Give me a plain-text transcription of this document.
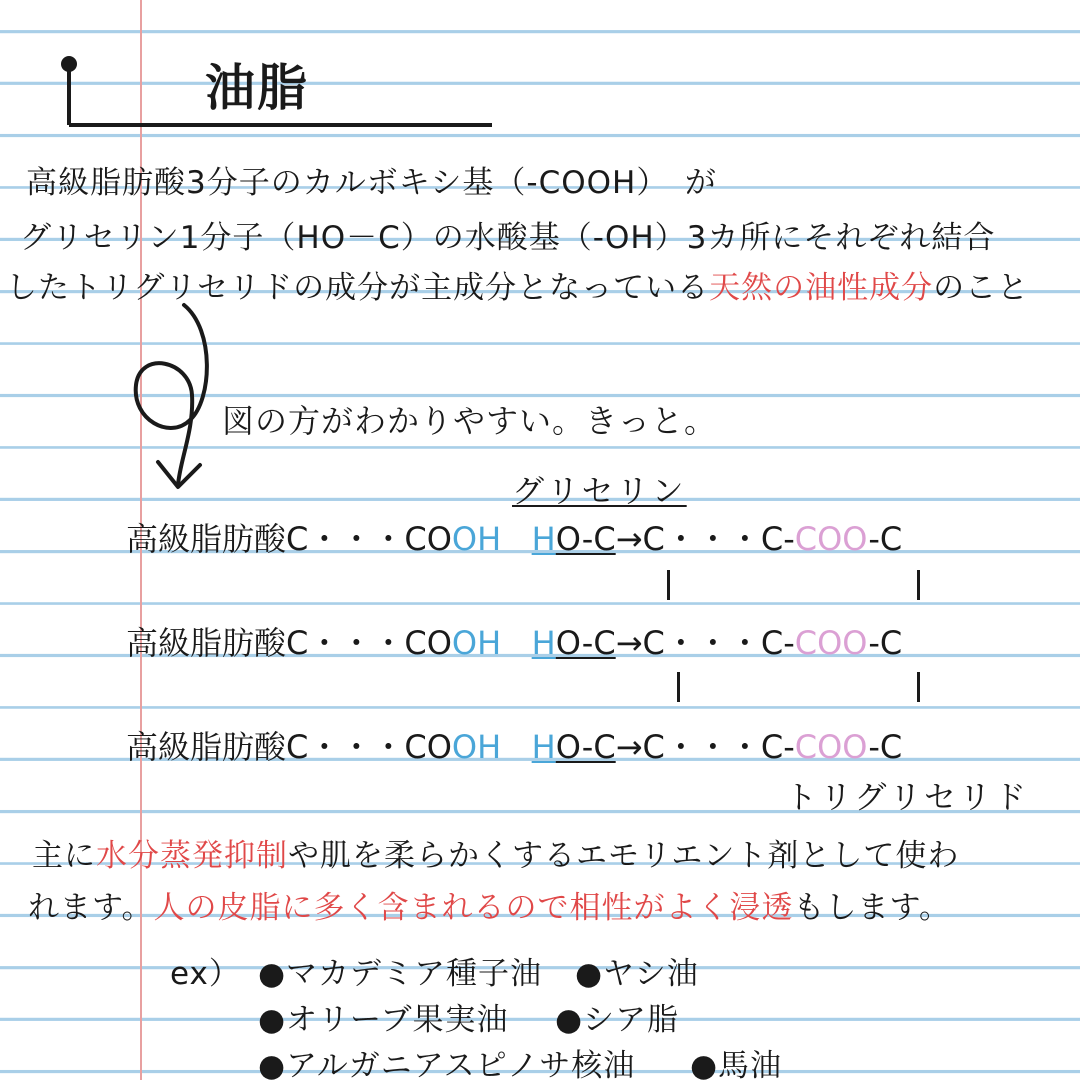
油脂
高級脂肪酸3分子のカルボキシ基（-COOH）　が
グリセリン1分子（HO－C）の水酸基（-OH）3カ所にそれぞれ結合
したトリグリセリドの成分が主成分となっている天然の油性成分のこと
図の方がわかりやすい。きっと。
グリセリン
高級脂肪酸C・・・COOH HO-C→C・・・C-COO-C
高級脂肪酸C・・・COOH HO-C→C・・・C-COO-C
高級脂肪酸C・・・COOH HO-C→C・・・C-COO-C
トリグリセリド
主に水分蒸発抑制や肌を柔らかくするエモリエント剤として使わ
れます。人の皮脂に多く含まれるので相性がよく浸透もします。
ex） ●マカデミア種子油 ●ヤシ油
●オリーブ果実油 ●シア脂
●アルガニアスピノサ核油 ●馬油
